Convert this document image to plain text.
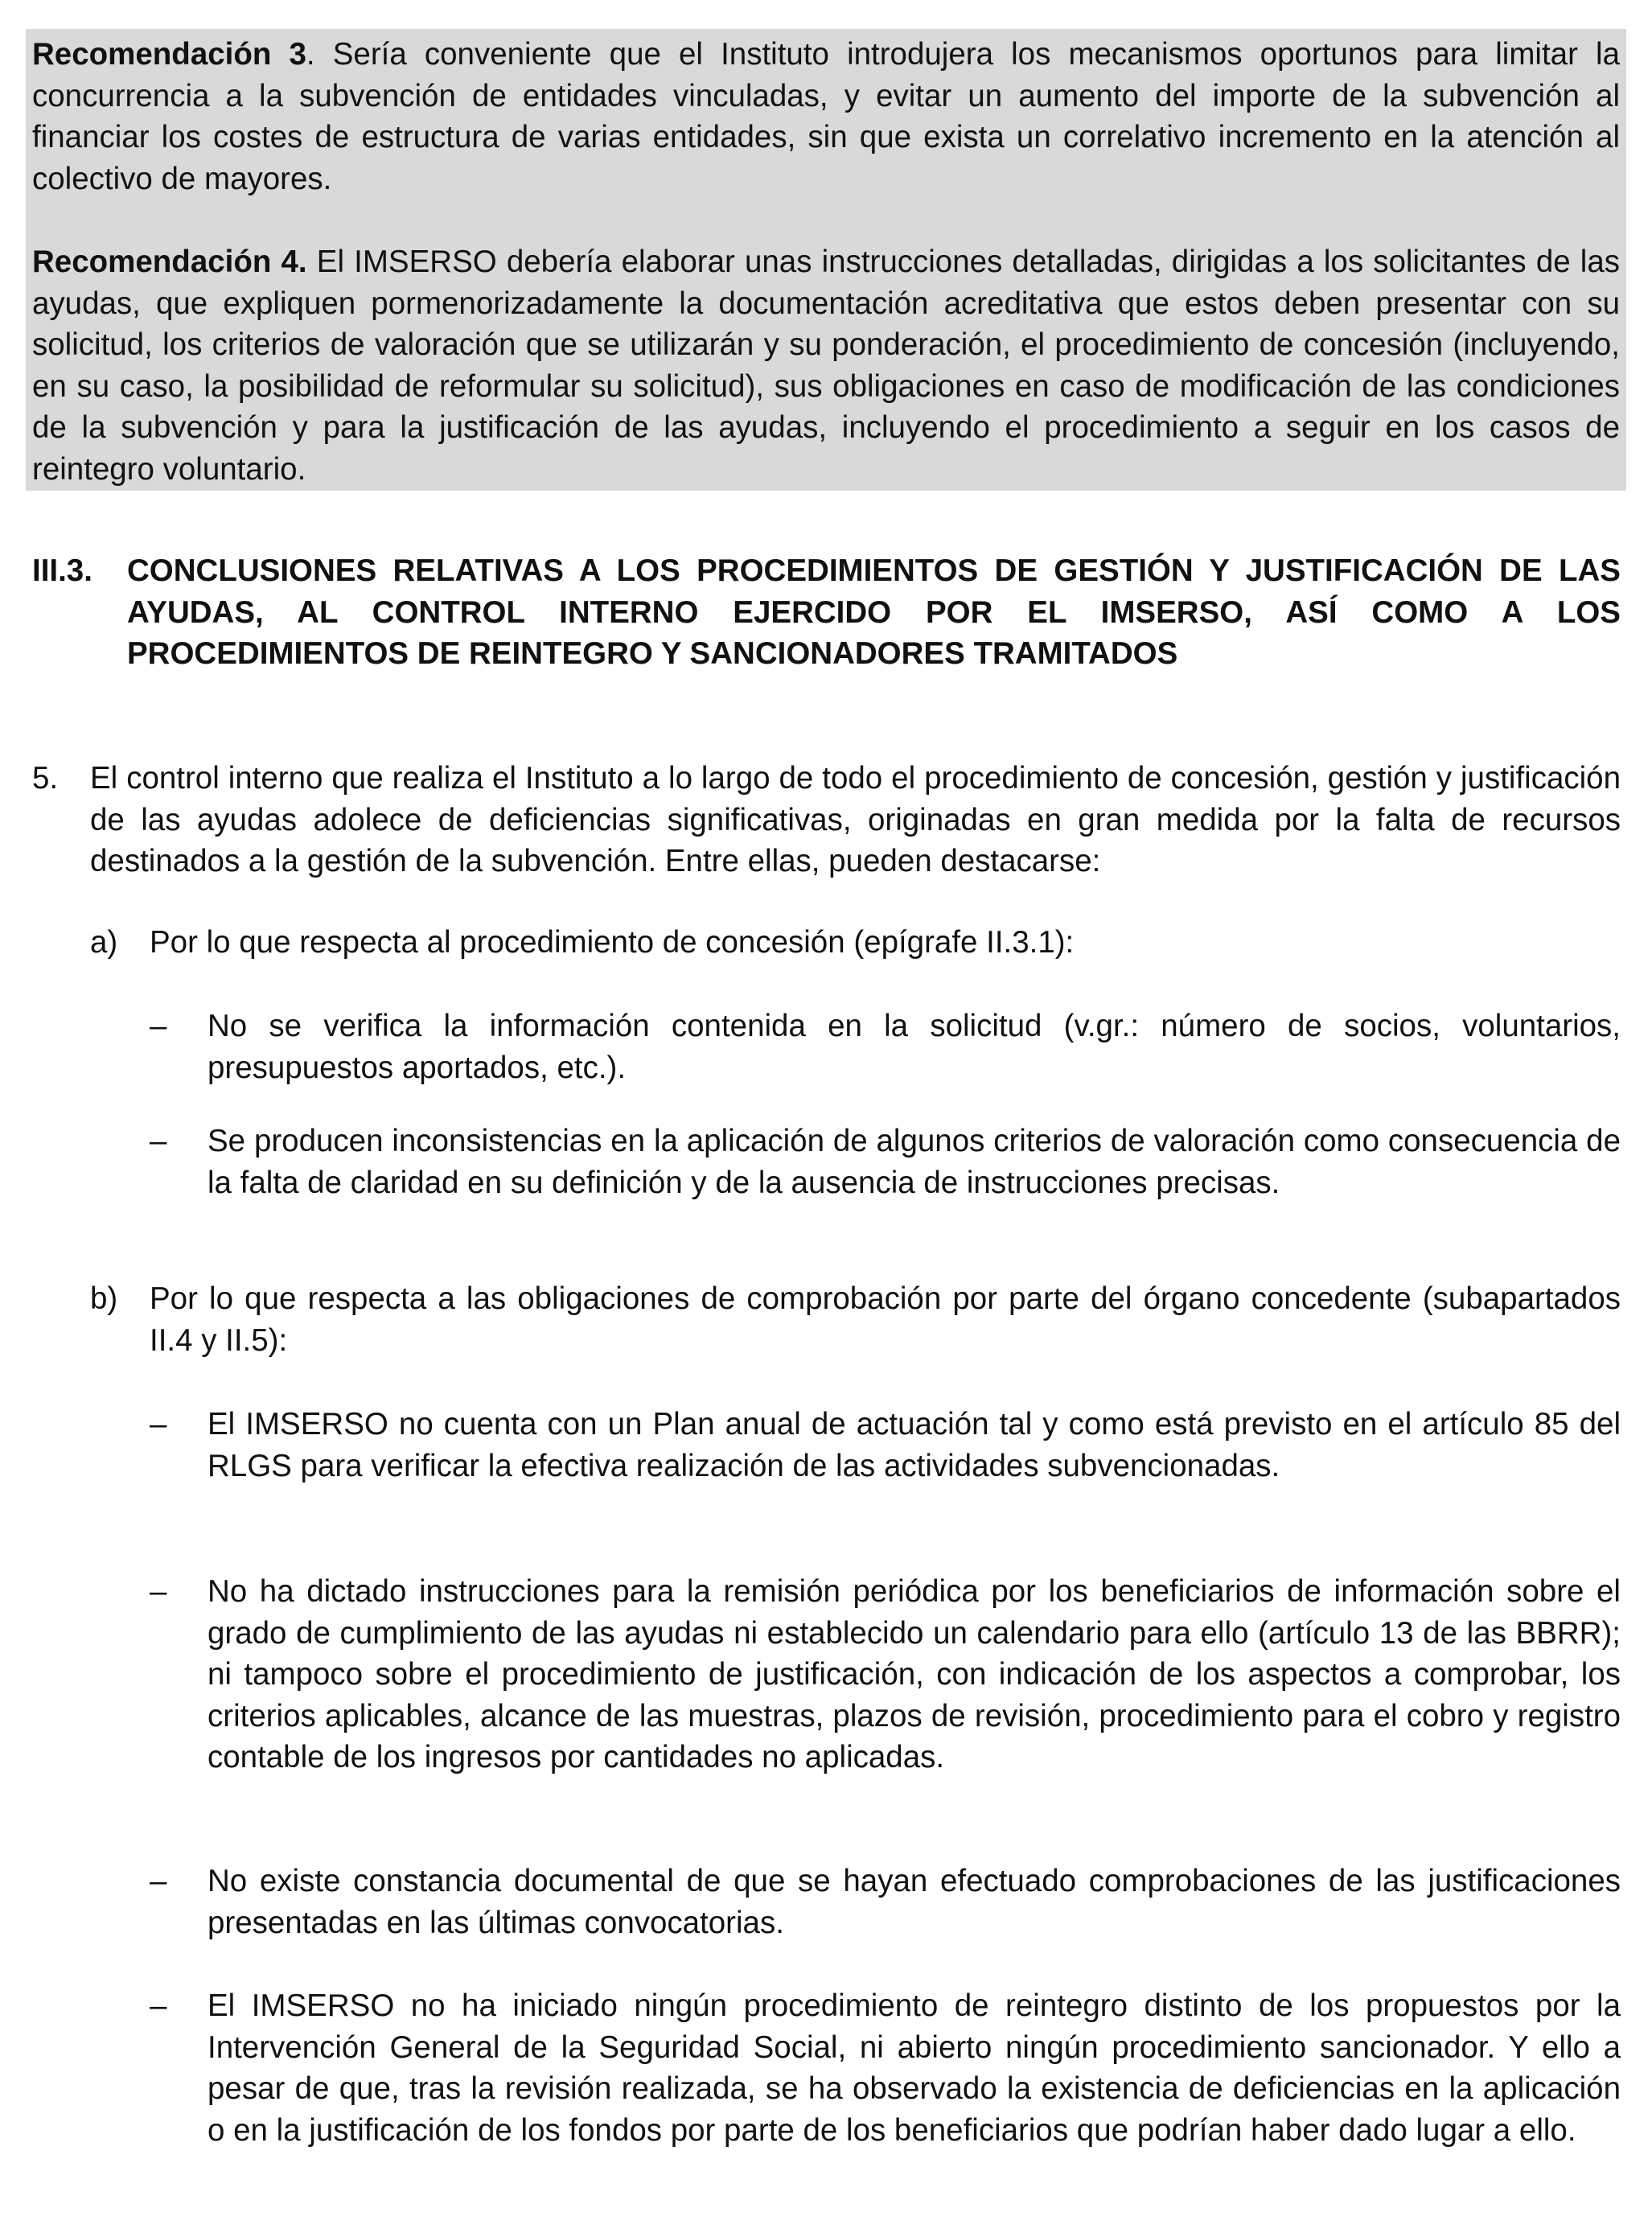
Recomendación 3. Sería conveniente que el Instituto introdujera los mecanismos oportunos para limitar la concurrencia a la subvención de entidades vinculadas, y evitar un aumento del importe de la subvención al financiar los costes de estructura de varias entidades, sin que exista un correlativo incremento en la atención al colectivo de mayores.

Recomendación 4. El IMSERSO debería elaborar unas instrucciones detalladas, dirigidas a los solicitantes de las ayudas, que expliquen pormenorizadamente la documentación acreditativa que estos deben presentar con su solicitud, los criterios de valoración que se utilizarán y su ponderación, el procedimiento de concesión (incluyendo, en su caso, la posibilidad de reformular su solicitud), sus obligaciones en caso de modificación de las condiciones de la subvención y para la justificación de las ayudas, incluyendo el procedimiento a seguir en los casos de reintegro voluntario.

III.3. CONCLUSIONES RELATIVAS A LOS PROCEDIMIENTOS DE GESTIÓN Y JUSTIFICACIÓN DE LAS AYUDAS, AL CONTROL INTERNO EJERCIDO POR EL IMSERSO, ASÍ COMO A LOS PROCEDIMIENTOS DE REINTEGRO Y SANCIONADORES TRAMITADOS
5. El control interno que realiza el Instituto a lo largo de todo el procedimiento de concesión, gestión y justificación de las ayudas adolece de deficiencias significativas, originadas en gran medida por la falta de recursos destinados a la gestión de la subvención. Entre ellas, pueden destacarse:
a) Por lo que respecta al procedimiento de concesión (epígrafe II.3.1):
– No se verifica la información contenida en la solicitud (v.gr.: número de socios, voluntarios, presupuestos aportados, etc.).
– Se producen inconsistencias en la aplicación de algunos criterios de valoración como consecuencia de la falta de claridad en su definición y de la ausencia de instrucciones precisas.
b) Por lo que respecta a las obligaciones de comprobación por parte del órgano concedente (subapartados II.4 y II.5):
– El IMSERSO no cuenta con un Plan anual de actuación tal y como está previsto en el artículo 85 del RLGS para verificar la efectiva realización de las actividades subvencionadas.
– No ha dictado instrucciones para la remisión periódica por los beneficiarios de información sobre el grado de cumplimiento de las ayudas ni establecido un calendario para ello (artículo 13 de las BBRR); ni tampoco sobre el procedimiento de justificación, con indicación de los aspectos a comprobar, los criterios aplicables, alcance de las muestras, plazos de revisión, procedimiento para el cobro y registro contable de los ingresos por cantidades no aplicadas.
– No existe constancia documental de que se hayan efectuado comprobaciones de las justificaciones presentadas en las últimas convocatorias.
– El IMSERSO no ha iniciado ningún procedimiento de reintegro distinto de los propuestos por la Intervención General de la Seguridad Social, ni abierto ningún procedimiento sancionador. Y ello a pesar de que, tras la revisión realizada, se ha observado la existencia de deficiencias en la aplicación o en la justificación de los fondos por parte de los beneficiarios que podrían haber dado lugar a ello.
